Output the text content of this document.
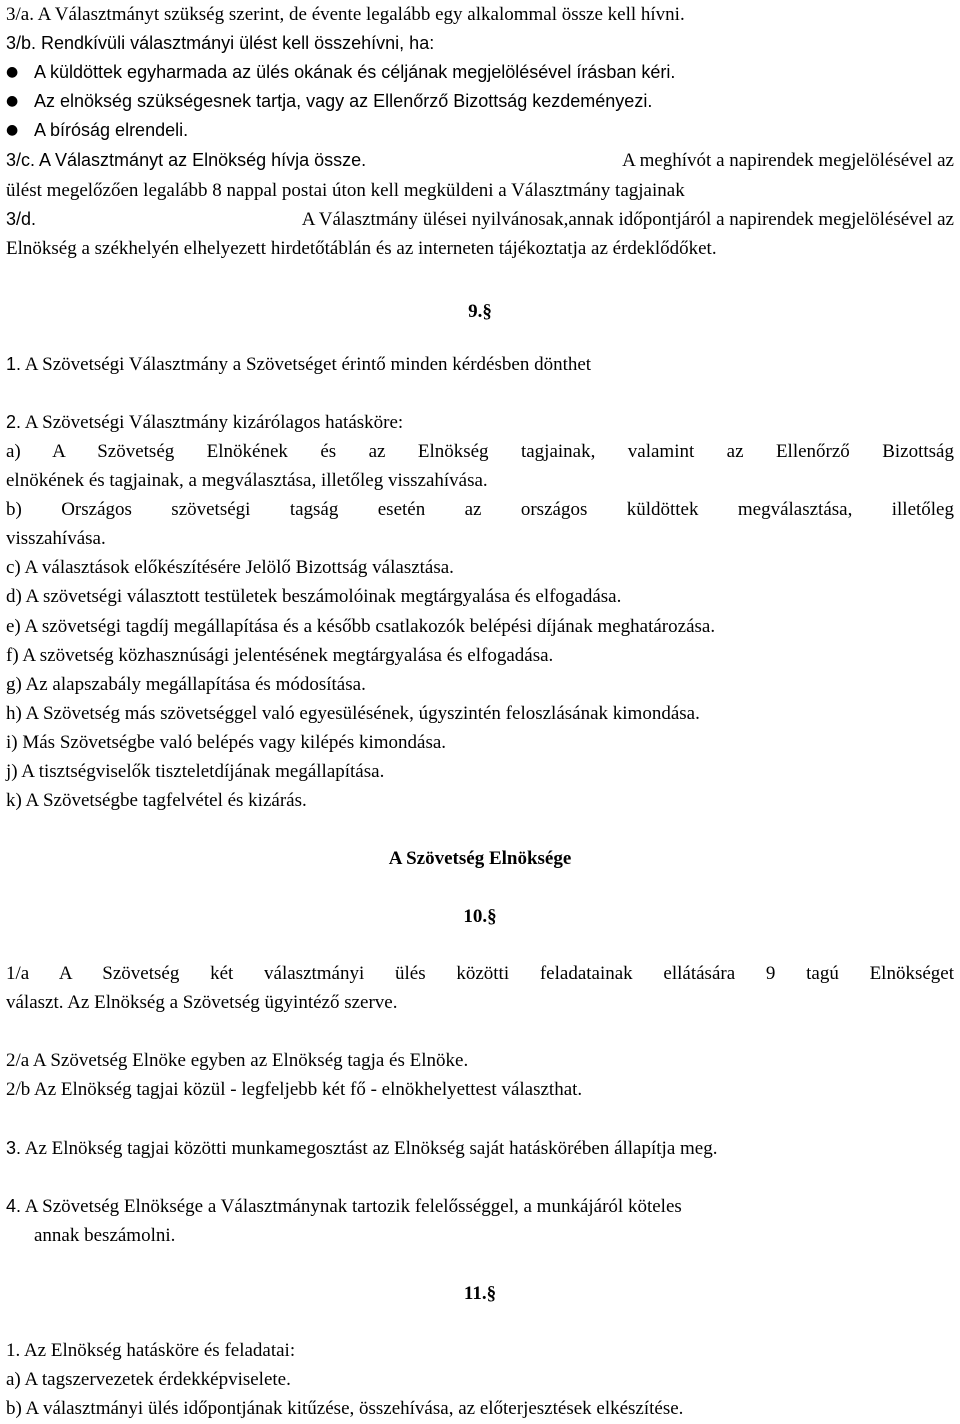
3/a. A Választmányt szükség szerint, de évente legalább egy alkalommal össze kell hívni.
3/b. Rendkívüli választmányi ülést kell összehívni, ha:
● A küldöttek egyharmada az ülés okának és céljának megjelölésével írásban kéri.
● Az elnökség szükségesnek tartja, vagy az Ellenőrző Bizottság kezdeményezi.
● A bíróság elrendeli.
3/c. A Választmányt az Elnökség hívja össze.	A meghívót a napirendek megjelölésével az
ülést megelőzően legalább 8 nappal postai úton kell megküldeni a Választmány tagjainak
3/d.	A Választmány ülései nyilvánosak,annak időpontjáról a napirendek megjelölésével az
Elnökség a székhelyén elhelyezett hirdetőtáblán és az interneten tájékoztatja az érdeklődőket.
9.§
1. A Szövetségi Választmány a Szövetséget érintő minden kérdésben dönthet
2. A Szövetségi Választmány kizárólagos hatásköre:
a) A Szövetség Elnökének és az Elnökség tagjainak, valamint az Ellenőrző Bizottság
elnökének és tagjainak, a megválasztása, illetőleg visszahívása.
b) Országos szövetségi tagság esetén az országos küldöttek megválasztása, illetőleg
visszahívása.
c) A választások előkészítésére Jelölő Bizottság választása.
d) A szövetségi választott testületek beszámolóinak megtárgyalása és elfogadása.
e) A szövetségi tagdíj megállapítása és a később csatlakozók belépési díjának meghatározása.
f) A szövetség közhasznúsági jelentésének megtárgyalása és elfogadása.
g) Az alapszabály megállapítása és módosítása.
h) A Szövetség más szövetséggel való egyesülésének, úgyszintén feloszlásának kimondása.
i) Más Szövetségbe való belépés vagy kilépés kimondása.
j) A tisztségviselők tiszteletdíjának megállapítása.
k) A Szövetségbe tagfelvétel és kizárás.
A Szövetség Elnöksége
10.§
1/a A Szövetség két választmányi ülés közötti feladatainak ellátására 9 tagú Elnökséget
választ. Az Elnökség a Szövetség ügyintéző szerve.
2/a A Szövetség Elnöke egyben az Elnökség tagja és Elnöke.
2/b Az Elnökség tagjai közül - legfeljebb két fő - elnökhelyettest választhat.
3. Az Elnökség tagjai közötti munkamegosztást az Elnökség saját hatáskörében állapítja meg.
4. A Szövetség Elnöksége a Választmánynak tartozik felelősséggel, a munkájáról köteles
annak beszámolni.
11.§
1. Az Elnökség hatásköre és feladatai:
a) A tagszervezetek érdekképviselete.
b) A választmányi ülés időpontjának kitűzése, összehívása, az előterjesztések elkészítése.
